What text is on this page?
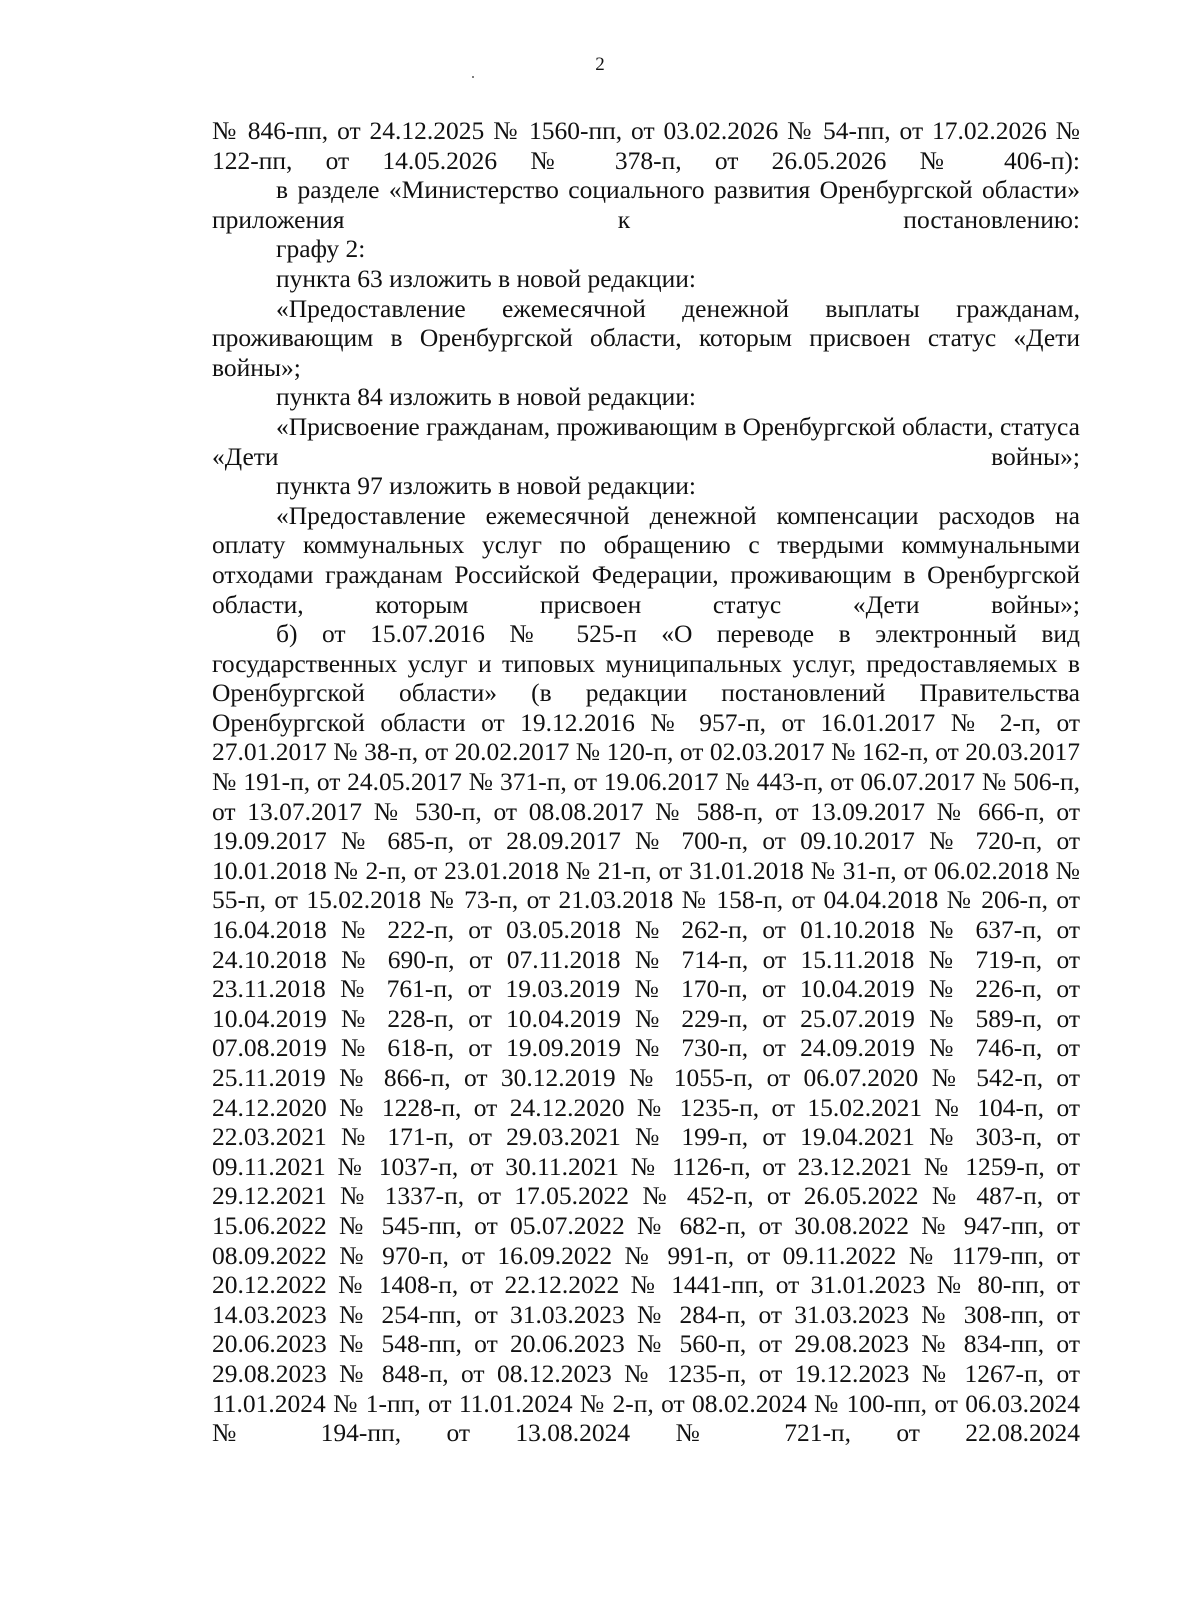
2

№ 846-пп, от 24.12.2025 № 1560-пп, от 03.02.2026 № 54-пп, от 17.02.2026 № 122-пп, от 14.05.2026 № 378-п, от 26.05.2026 № 406-п):

в разделе «Министерство социального развития Оренбургской области» приложения к постановлению:

графу 2:

пункта 63 изложить в новой редакции:

«Предоставление ежемесячной денежной выплаты гражданам, проживающим в Оренбургской области, которым присвоен статус «Дети войны»;

пункта 84 изложить в новой редакции:

«Присвоение гражданам, проживающим в Оренбургской области, статуса «Дети войны»;

пункта 97 изложить в новой редакции:

«Предоставление ежемесячной денежной компенсации расходов на оплату коммунальных услуг по обращению с твердыми коммунальными отходами гражданам Российской Федерации, проживающим в Оренбургской области, которым присвоен статус «Дети войны»;

б) от 15.07.2016 № 525-п «О переводе в электронный вид государственных услуг и типовых муниципальных услуг, предоставляемых в Оренбургской области» (в редакции постановлений Правительства Оренбургской области от 19.12.2016 № 957-п, от 16.01.2017 № 2-п, от 27.01.2017 № 38-п, от 20.02.2017 № 120-п, от 02.03.2017 № 162-п, от 20.03.2017 № 191-п, от 24.05.2017 № 371-п, от 19.06.2017 № 443-п, от 06.07.2017 № 506-п, от 13.07.2017 № 530-п, от 08.08.2017 № 588-п, от 13.09.2017 № 666-п, от 19.09.2017 № 685-п, от 28.09.2017 № 700-п, от 09.10.2017 № 720-п, от 10.01.2018 № 2-п, от 23.01.2018 № 21-п, от 31.01.2018 № 31-п, от 06.02.2018 № 55-п, от 15.02.2018 № 73-п, от 21.03.2018 № 158-п, от 04.04.2018 № 206-п, от 16.04.2018 № 222-п, от 03.05.2018 № 262-п, от 01.10.2018 № 637-п, от 24.10.2018 № 690-п, от 07.11.2018 № 714-п, от 15.11.2018 № 719-п, от 23.11.2018 № 761-п, от 19.03.2019 № 170-п, от 10.04.2019 № 226-п, от 10.04.2019 № 228-п, от 10.04.2019 № 229-п, от 25.07.2019 № 589-п, от 07.08.2019 № 618-п, от 19.09.2019 № 730-п, от 24.09.2019 № 746-п, от 25.11.2019 № 866-п, от 30.12.2019 № 1055-п, от 06.07.2020 № 542-п, от 24.12.2020 № 1228-п, от 24.12.2020 № 1235-п, от 15.02.2021 № 104-п, от 22.03.2021 № 171-п, от 29.03.2021 № 199-п, от 19.04.2021 № 303-п, от 09.11.2021 № 1037-п, от 30.11.2021 № 1126-п, от 23.12.2021 № 1259-п, от 29.12.2021 № 1337-п, от 17.05.2022 № 452-п, от 26.05.2022 № 487-п, от 15.06.2022 № 545-пп, от 05.07.2022 № 682-п, от 30.08.2022 № 947-пп, от 08.09.2022 № 970-п, от 16.09.2022 № 991-п, от 09.11.2022 № 1179-пп, от 20.12.2022 № 1408-п, от 22.12.2022 № 1441-пп, от 31.01.2023 № 80-пп, от 14.03.2023 № 254-пп, от 31.03.2023 № 284-п, от 31.03.2023 № 308-пп, от 20.06.2023 № 548-пп, от 20.06.2023 № 560-п, от 29.08.2023 № 834-пп, от 29.08.2023 № 848-п, от 08.12.2023 № 1235-п, от 19.12.2023 № 1267-п, от 11.01.2024 № 1-пп, от 11.01.2024 № 2-п, от 08.02.2024 № 100-пп, от 06.03.2024 № 194-пп, от 13.08.2024 № 721-п, от 22.08.2024
